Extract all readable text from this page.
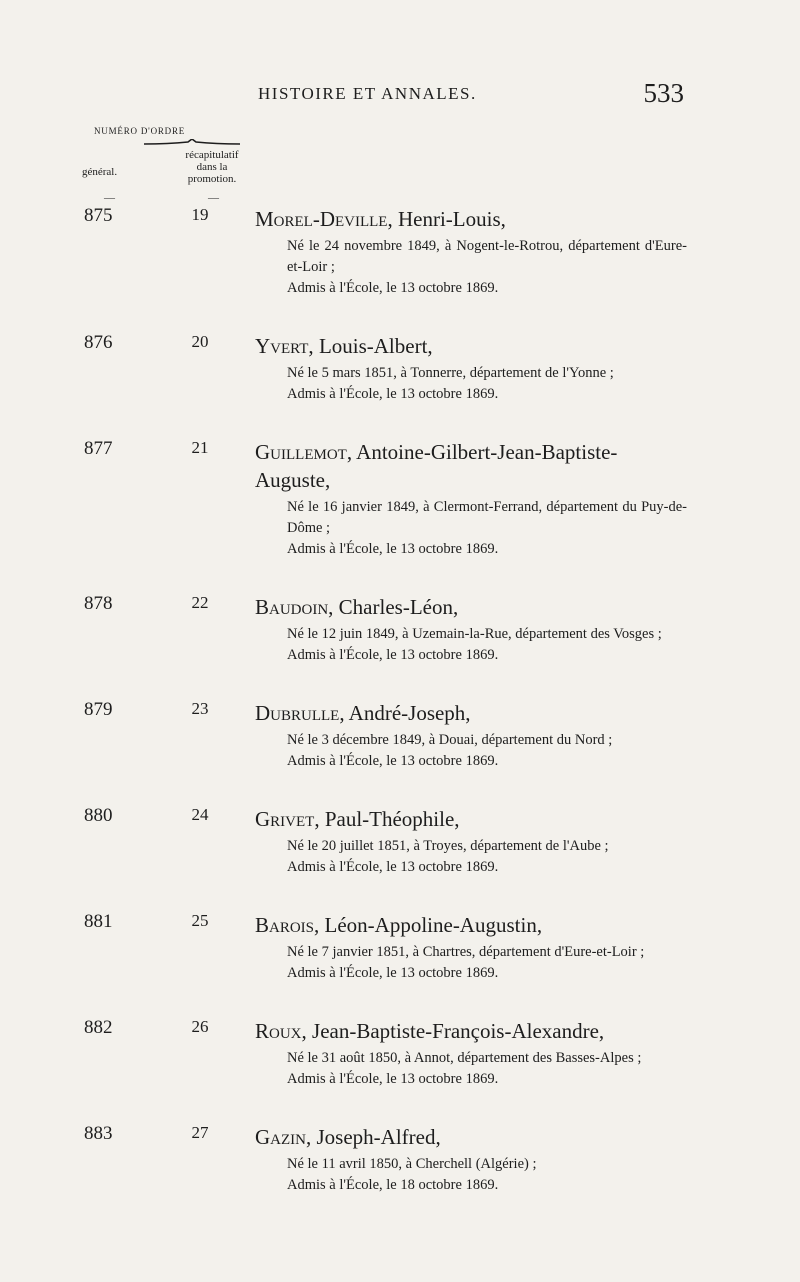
HISTOIRE ET ANNALES.	533
NUMÉRO D'ORDRE
général.
récapitulatif
dans la
promotion.
—	—
875	19	Morel-Deville, Henri-Louis,
Né le 24 novembre 1849, à Nogent-le-Rotrou, département d'Eure-et-Loir ;
Admis à l'École, le 13 octobre 1869.
876	20	Yvert, Louis-Albert,
Né le 5 mars 1851, à Tonnerre, département de l'Yonne ;
Admis à l'École, le 13 octobre 1869.
877	21	Guillemot, Antoine-Gilbert-Jean-Baptiste-Auguste,
Né le 16 janvier 1849, à Clermont-Ferrand, département du Puy-de-Dôme ;
Admis à l'École, le 13 octobre 1869.
878	22	Baudoin, Charles-Léon,
Né le 12 juin 1849, à Uzemain-la-Rue, département des Vosges ;
Admis à l'École, le 13 octobre 1869.
879	23	Dubrulle, André-Joseph,
Né le 3 décembre 1849, à Douai, département du Nord ;
Admis à l'École, le 13 octobre 1869.
880	24	Grivet, Paul-Théophile,
Né le 20 juillet 1851, à Troyes, département de l'Aube ;
Admis à l'École, le 13 octobre 1869.
881	25	Barois, Léon-Appoline-Augustin,
Né le 7 janvier 1851, à Chartres, département d'Eure-et-Loir ;
Admis à l'École, le 13 octobre 1869.
882	26	Roux, Jean-Baptiste-François-Alexandre,
Né le 31 août 1850, à Annot, département des Basses-Alpes ;
Admis à l'École, le 13 octobre 1869.
883	27	Gazin, Joseph-Alfred,
Né le 11 avril 1850, à Cherchell (Algérie) ;
Admis à l'École, le 18 octobre 1869.
